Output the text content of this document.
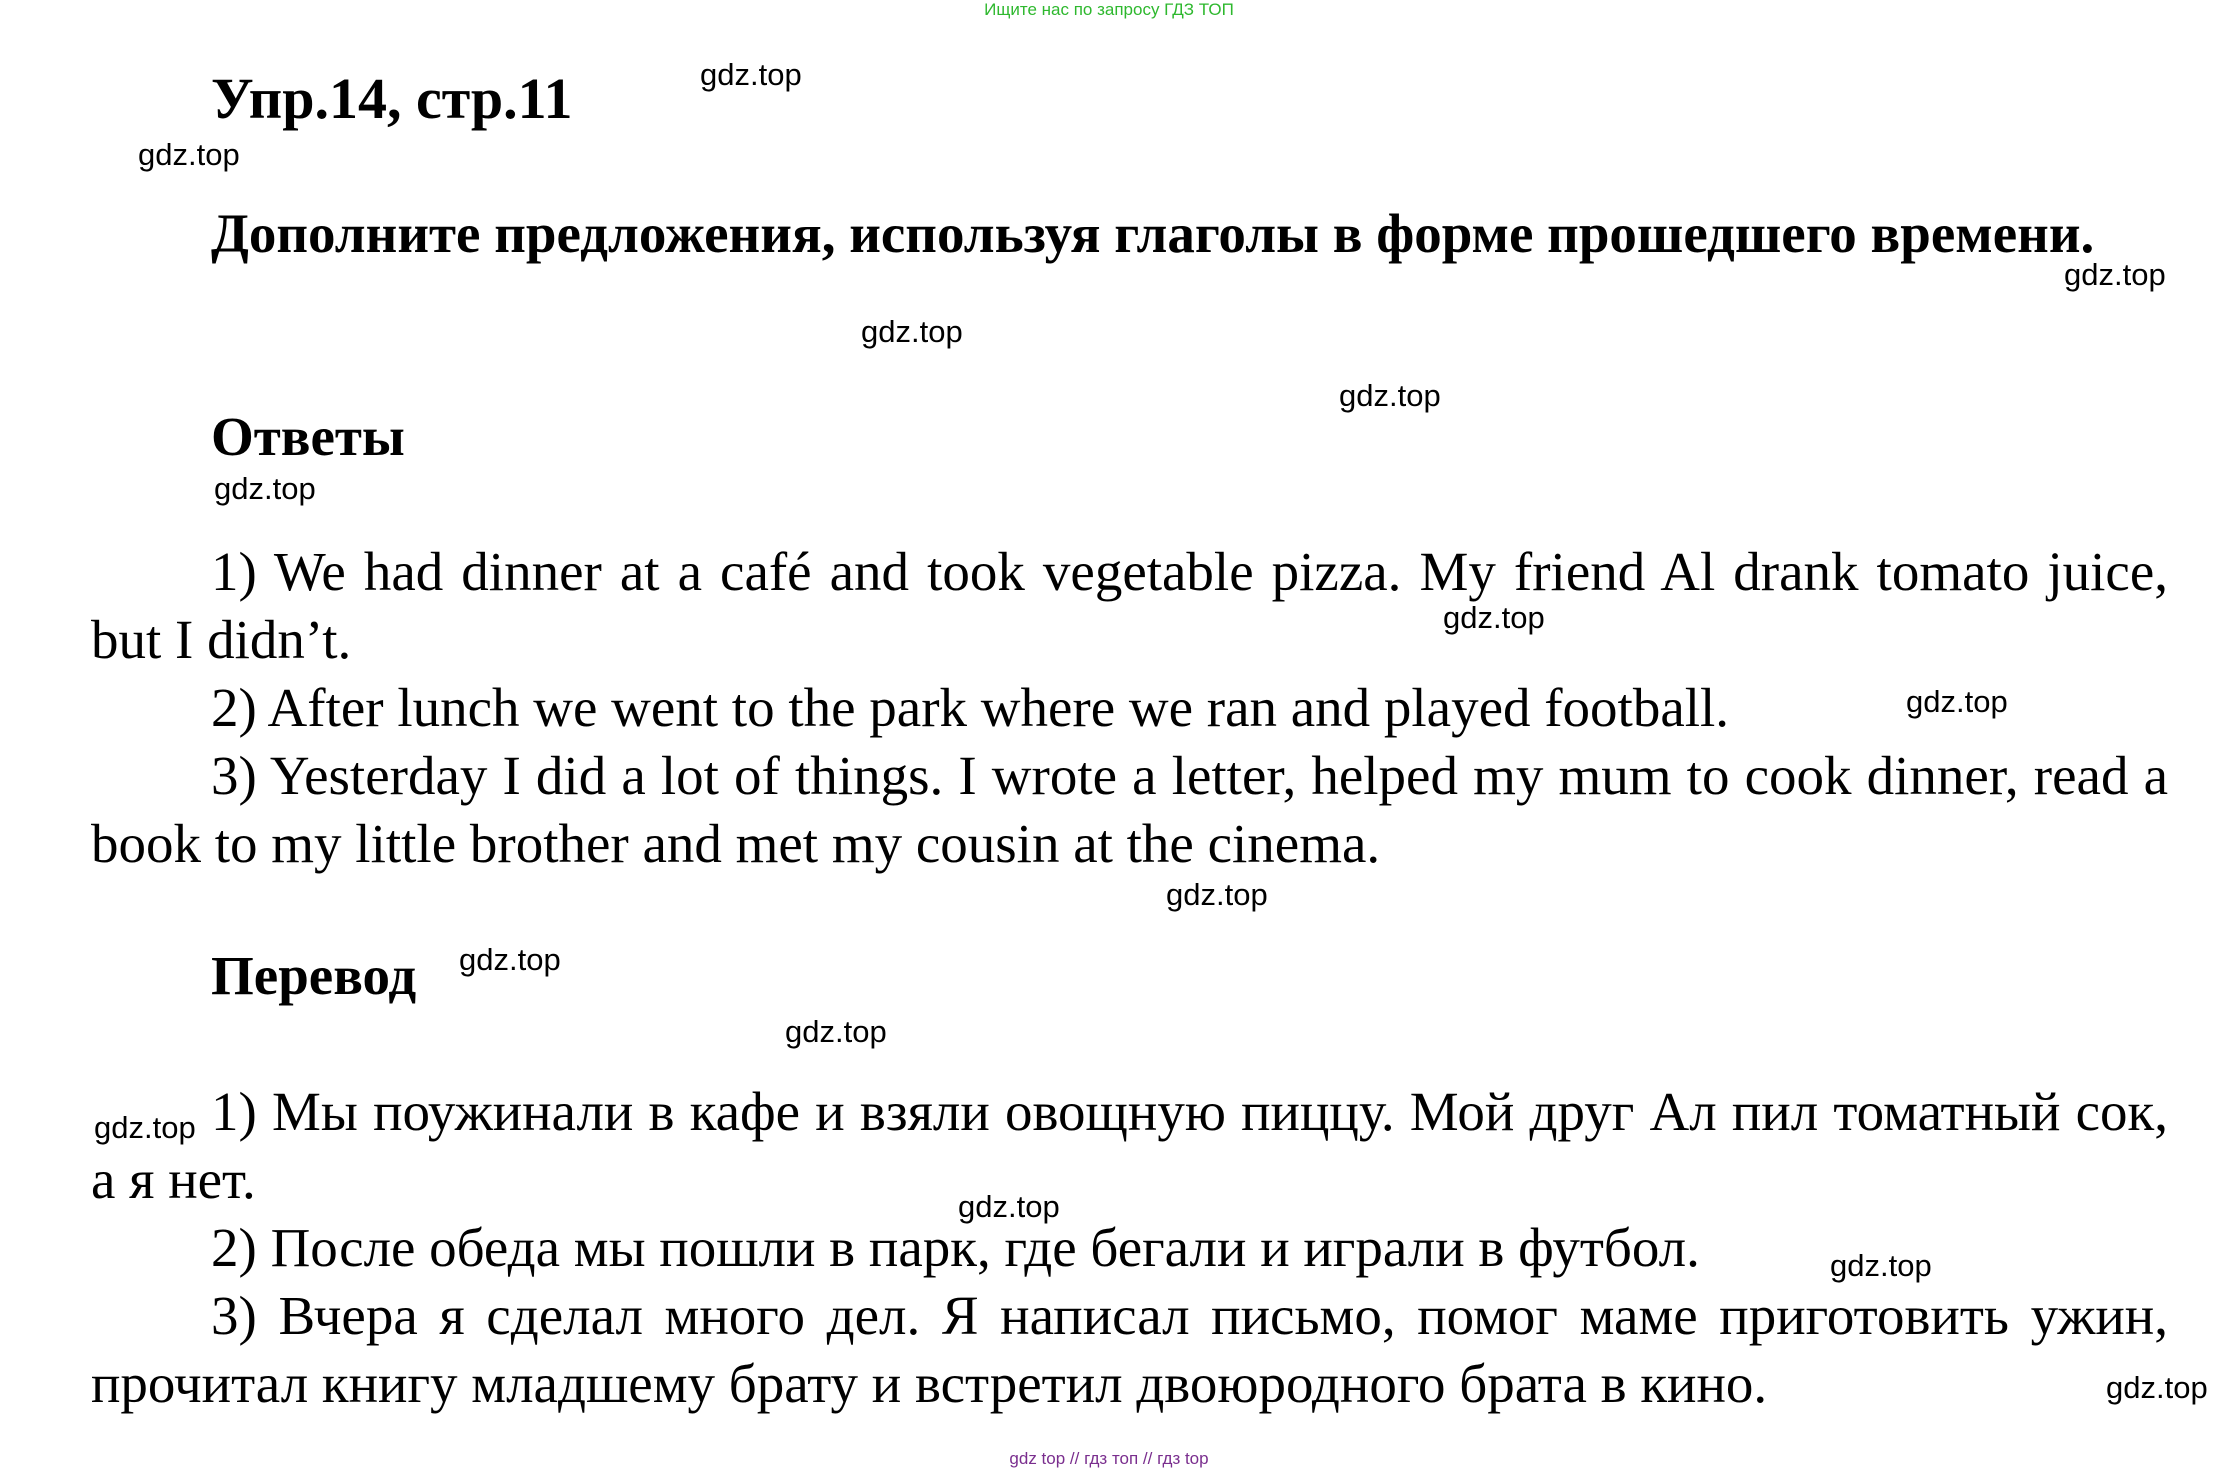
Ищите нас по запросу ГДЗ ТОП
Упр.14, стр.11
Дополните предложения, используя глаголы в форме прошедшего времени.
Ответы

1) We had dinner at a café and took vegetable pizza. My friend Al drank tomato juice, but I didn’t.

2) After lunch we went to the park where we ran and played football.

3) Yesterday I did a lot of things. I wrote a letter, helped my mum to cook dinner, read a book to my little brother and met my cousin at the cinema.

Перевод

1) Мы поужинали в кафе и взяли овощную пиццу. Мой друг Ал пил томатный сок, а я нет.

2) После обеда мы пошли в парк, где бегали и играли в футбол.

3) Вчера я сделал много дел. Я написал письмо, помог маме приготовить ужин, прочитал книгу младшему брату и встретил двоюродного брата в кино.

gdz.top
gdz.top
gdz.top
gdz.top
gdz.top
gdz.top
gdz.top
gdz.top
gdz.top
gdz.top
gdz.top
gdz.top
gdz.top
gdz.top
gdz.top
gdz top // гдз топ // гдз top
